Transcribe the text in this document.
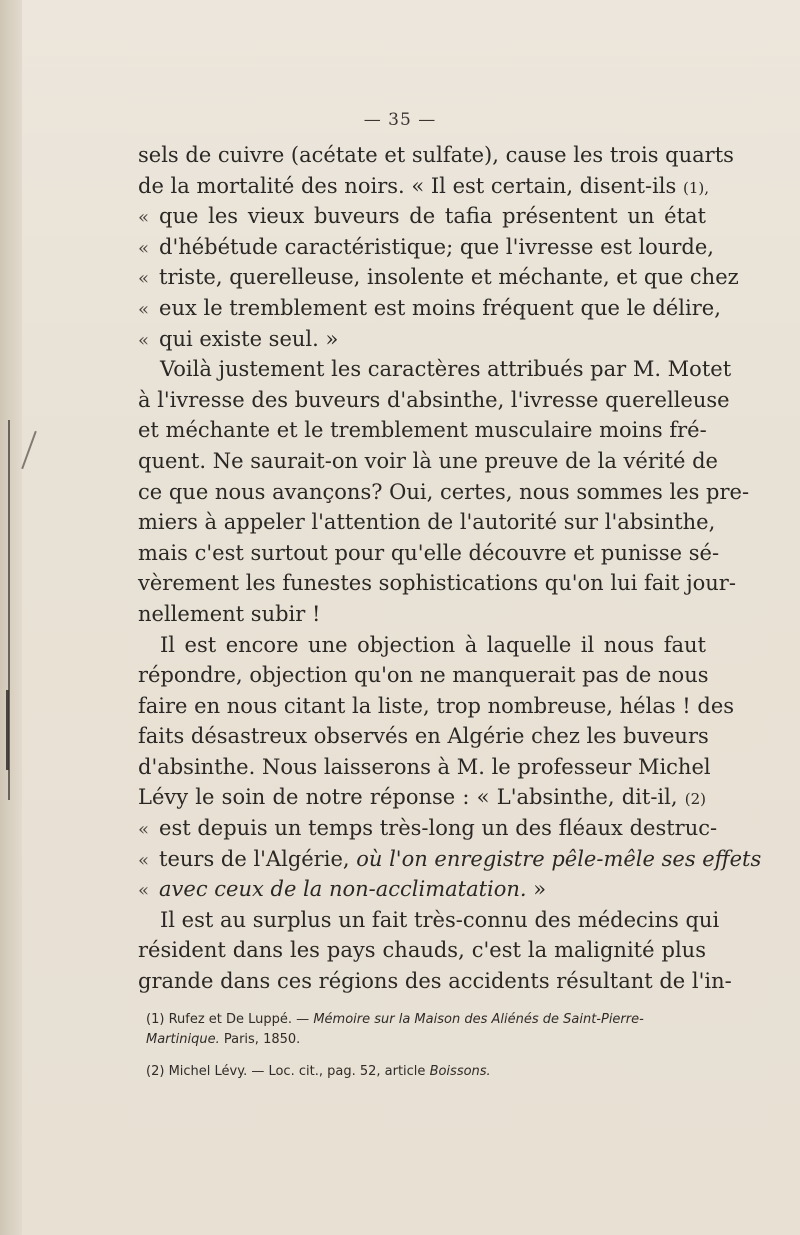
— 35 —
sels de cuivre (acétate et sulfate), cause les trois quarts
de la mortalité des noirs. « Il est certain, disent-ils (1),
« que les vieux buveurs de tafia présentent un état
« d'hébétude caractéristique; que l'ivresse est lourde,
« triste, querelleuse, insolente et méchante, et que chez
« eux le tremblement est moins fréquent que le délire,
« qui existe seul. »
Voilà justement les caractères attribués par M. Motet
à l'ivresse des buveurs d'absinthe, l'ivresse querelleuse
et méchante et le tremblement musculaire moins fré-
quent. Ne saurait-on voir là une preuve de la vérité de
ce que nous avançons? Oui, certes, nous sommes les pre-
miers à appeler l'attention de l'autorité sur l'absinthe,
mais c'est surtout pour qu'elle découvre et punisse sé-
vèrement les funestes sophistications qu'on lui fait jour-
nellement subir !
Il est encore une objection à laquelle il nous faut
répondre, objection qu'on ne manquerait pas de nous
faire en nous citant la liste, trop nombreuse, hélas ! des
faits désastreux observés en Algérie chez les buveurs
d'absinthe. Nous laisserons à M. le professeur Michel
Lévy le soin de notre réponse : « L'absinthe, dit-il, (2)
« est depuis un temps très-long un des fléaux destruc-
« teurs de l'Algérie, où l'on enregistre pêle-mêle ses effets
« avec ceux de la non-acclimatation. »
Il est au surplus un fait très-connu des médecins qui
résident dans les pays chauds, c'est la malignité plus
grande dans ces régions des accidents résultant de l'in-
(1) Rufez et De Luppé. — Mémoire sur la Maison des Aliénés de Saint-Pierre-Martinique. Paris, 1850.
(2) Michel Lévy. — Loc. cit., pag. 52, article Boissons.
